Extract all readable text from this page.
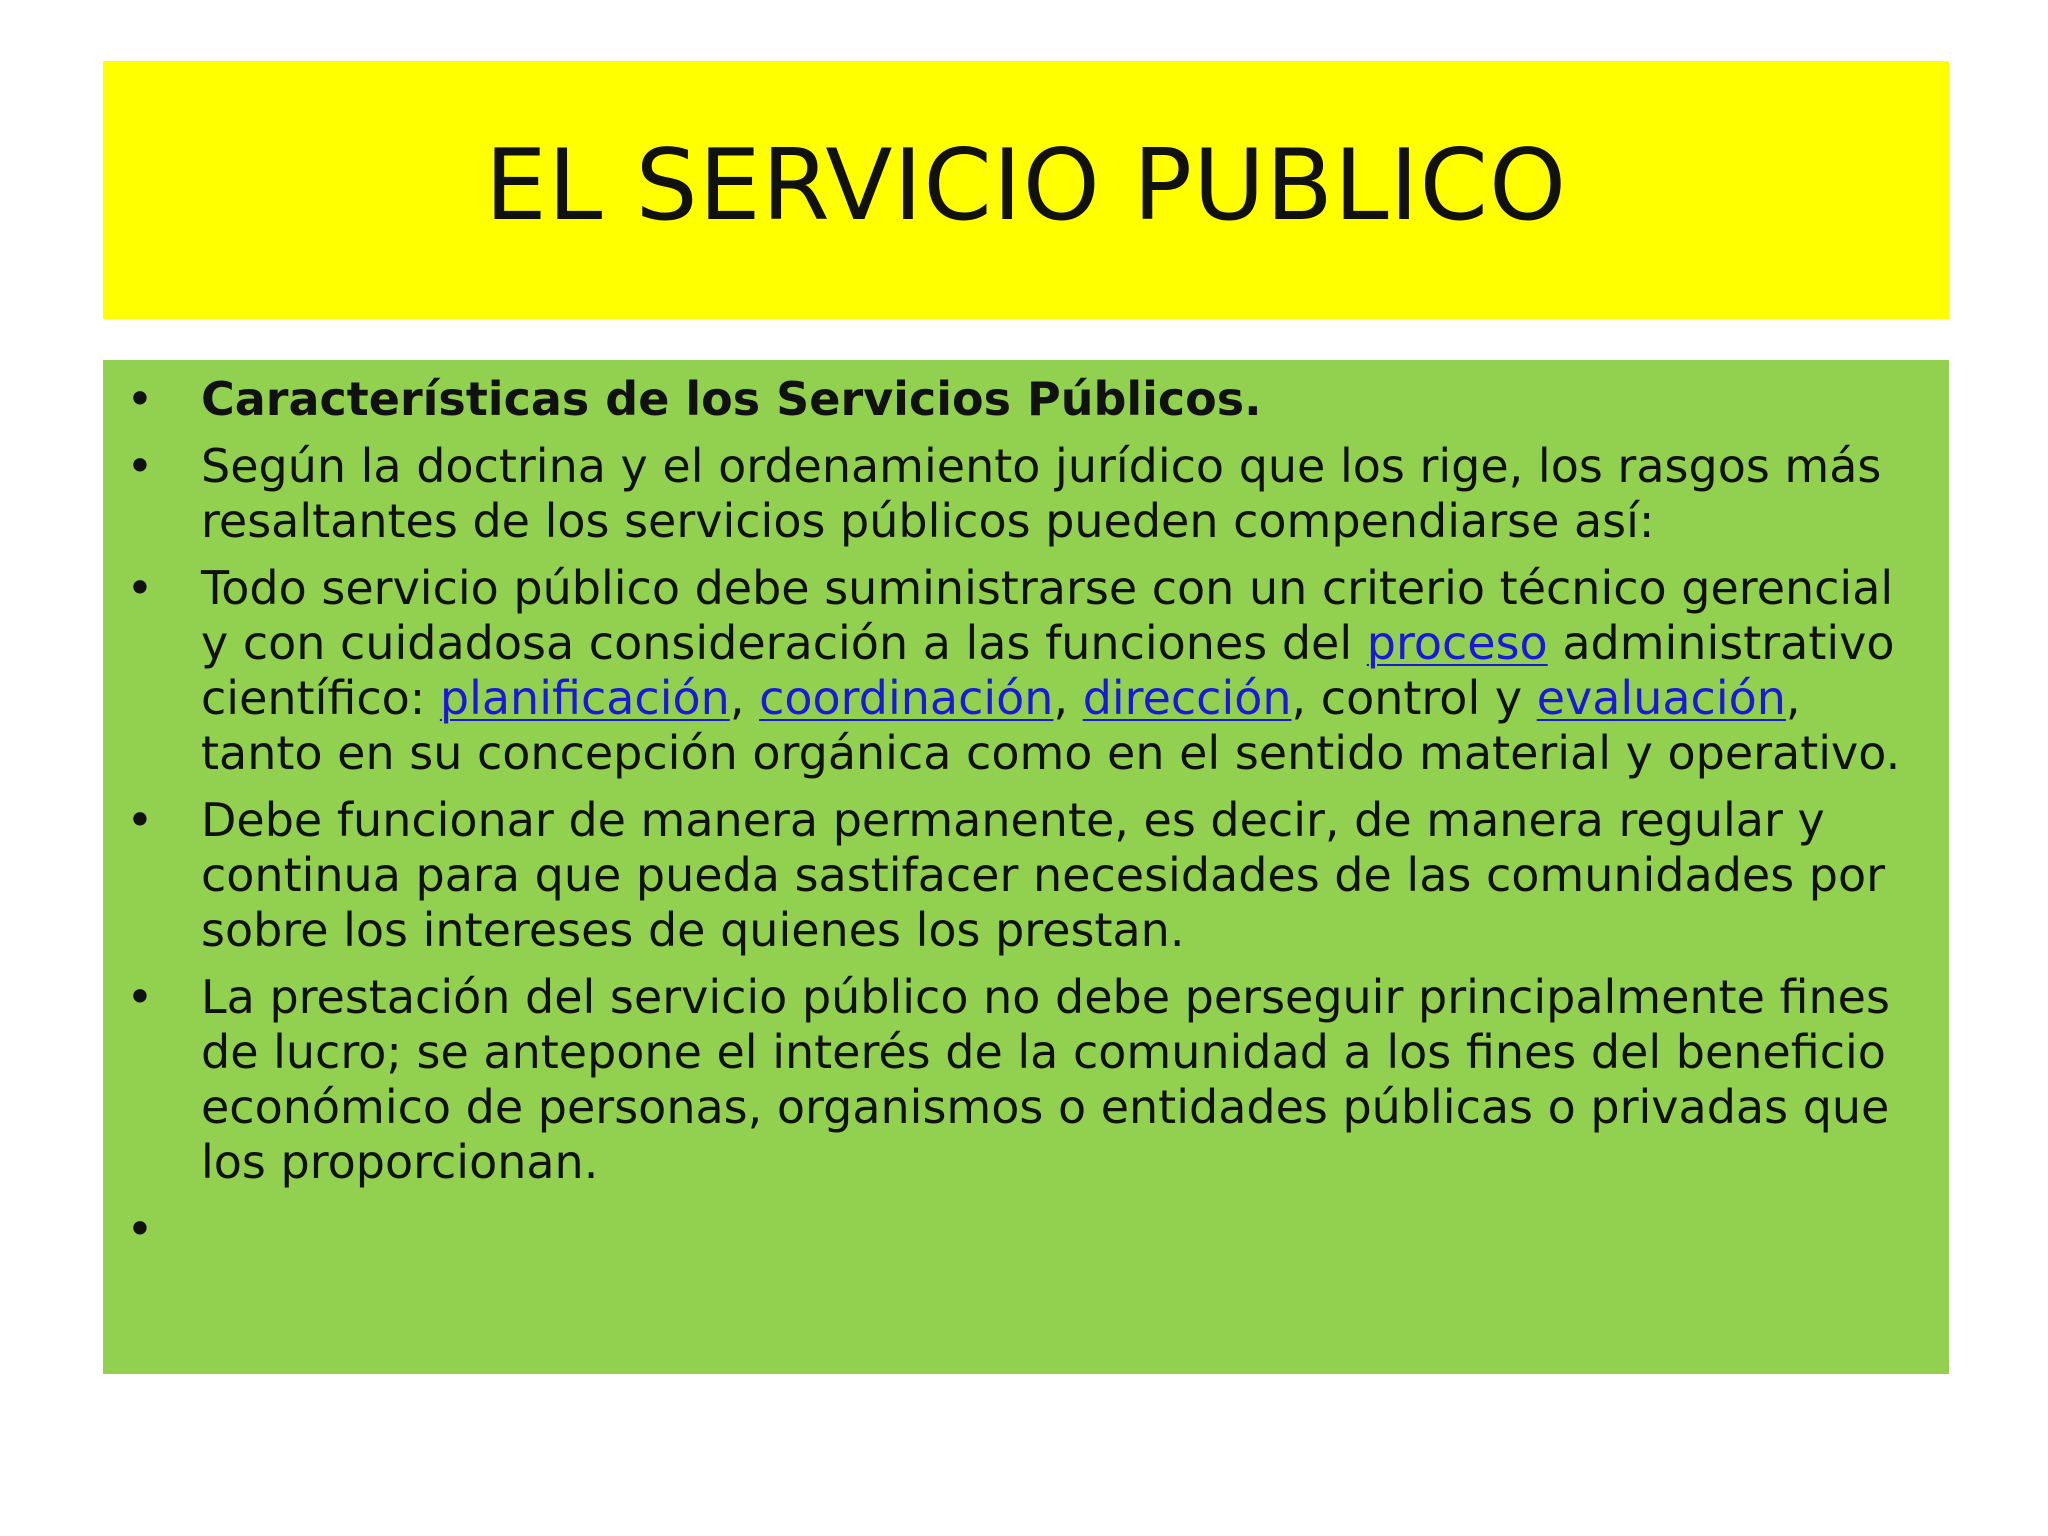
EL SERVICIO PUBLICO
• Características de los Servicios Públicos.
• Según la doctrina y el ordenamiento jurídico que los rige, los rasgos más resaltantes de los servicios públicos pueden compendiarse así:
• Todo servicio público debe suministrarse con un criterio técnico gerencial y con cuidadosa consideración a las funciones del proceso administrativo científico: planificación, coordinación, dirección, control y evaluación, tanto en su concepción orgánica como en el sentido material y operativo.
• Debe funcionar de manera permanente, es decir, de manera regular y continua para que pueda sastifacer necesidades de las comunidades por sobre los intereses de quienes los prestan.
• La prestación del servicio público no debe perseguir principalmente fines de lucro; se antepone el interés de la comunidad a los fines del beneficio económico de personas, organismos o entidades públicas o privadas que los proporcionan.
•
